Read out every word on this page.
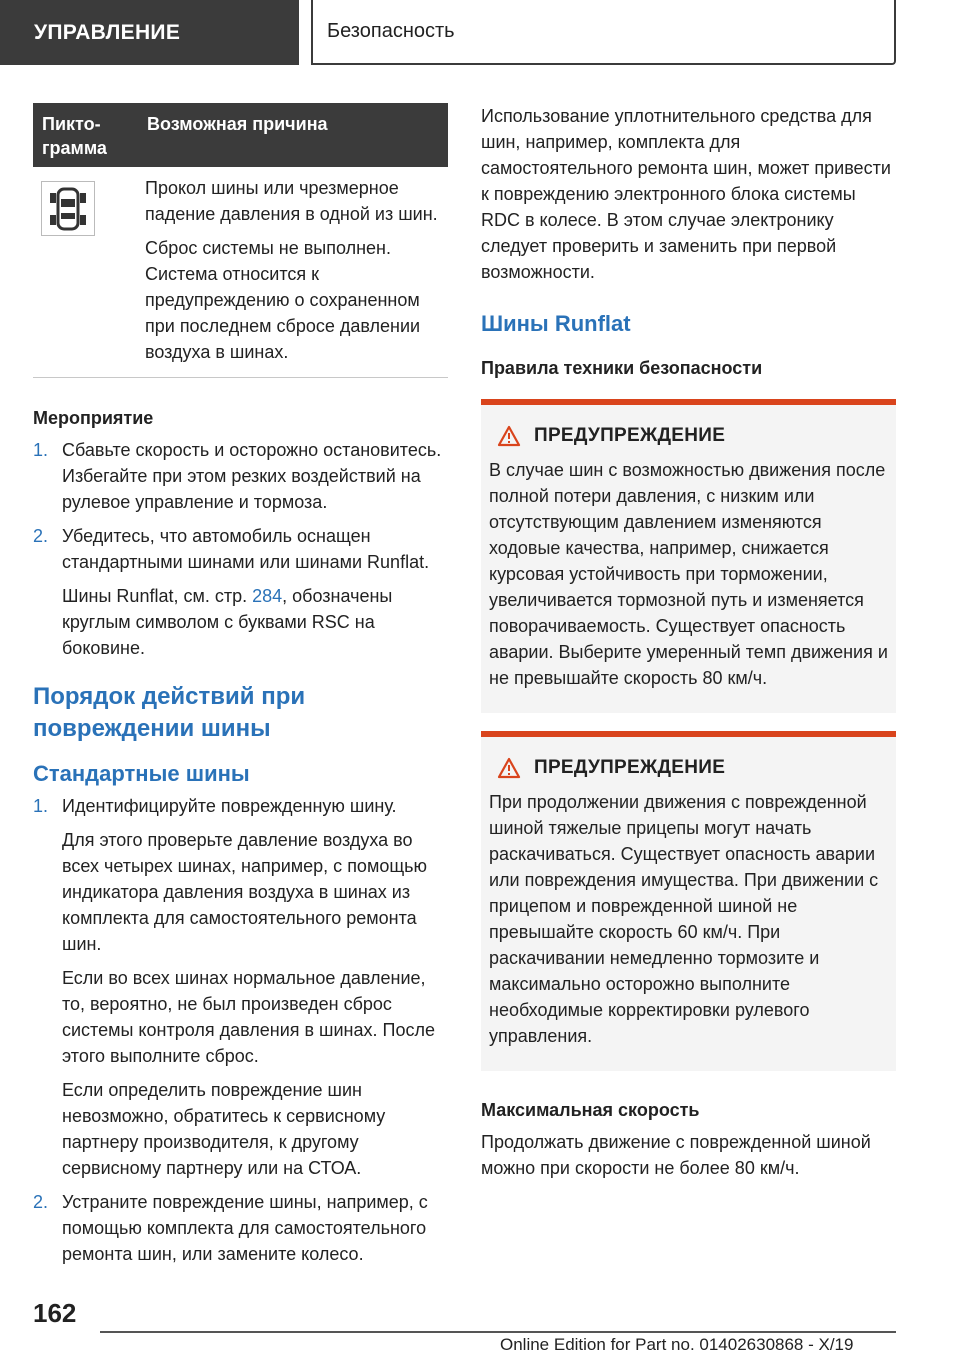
УПРАВЛЕНИЕ	Безопасность
Пикто-грамма
Возможная причина

Прокол шины или чрезмерное падение давления в одной из шин.

Сброс системы не выполнен. Система относится к предупреждению о сохраненном при последнем сбросе давлении воздуха в шинах.

Мероприятие
1. Сбавьте скорость и осторожно остановитесь. Избегайте при этом резких воздействий на рулевое управление и тормоза.
2. Убедитесь, что автомобиль оснащен стандартными шинами или шинами Runflat.
Шины Runflat, см. стр. 284, обозначены круглым символом с буквами RSC на боковине.
Порядок действий при повреждении шины
Стандартные шины
1. Идентифицируйте поврежденную шину.
Для этого проверьте давление воздуха во всех четырех шинах, например, с помощью индикатора давления воздуха в шинах из комплекта для самостоятельного ремонта шин.
Если во всех шинах нормальное давление, то, вероятно, не был произведен сброс системы контроля давления в шинах. После этого выполните сброс.
Если определить повреждение шин невозможно, обратитесь к сервисному партнеру производителя, к другому сервисному партнеру или на СТОА.
2. Устраните повреждение шины, например, с помощью комплекта для самостоятельного ремонта шин, или замените колесо.

Использование уплотнительного средства для шин, например, комплекта для самостоятельного ремонта шин, может привести к повреждению электронного блока системы RDC в колесе. В этом случае электронику следует проверить и заменить при первой возможности.

Шины Runflat
Правила техники безопасности
ПРЕДУПРЕЖДЕНИЕ

В случае шин с возможностью движения после полной потери давления, с низким или отсутствующим давлением изменяются ходовые качества, например, снижается курсовая устойчивость при торможении, увеличивается тормозной путь и изменяется поворачиваемость. Существует опасность аварии. Выберите умеренный темп движения и не превышайте скорость 80 км/ч.

ПРЕДУПРЕЖДЕНИЕ

При продолжении движения с поврежденной шиной тяжелые прицепы могут начать раскачиваться. Существует опасность аварии или повреждения имущества. При движении с прицепом и поврежденной шиной не превышайте скорость 60 км/ч. При раскачивании немедленно тормозите и максимально осторожно выполните необходимые корректировки рулевого управления.

Максимальная скорость

Продолжать движение с поврежденной шиной можно при скорости не более 80 км/ч.

162
Online Edition for Part no. 01402630868 - X/19
